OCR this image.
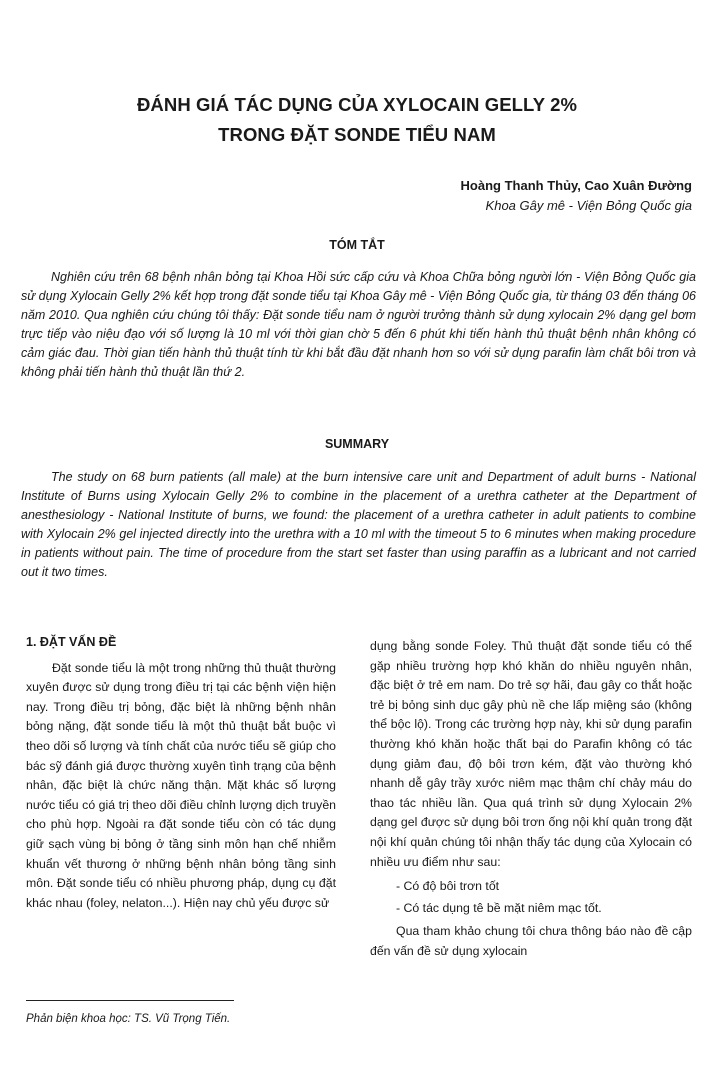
ĐÁNH GIÁ TÁC DỤNG CỦA XYLOCAIN GELLY 2%
TRONG ĐẶT SONDE TIỂU NAM
Hoàng Thanh Thủy, Cao Xuân Đường
Khoa Gây mê - Viện Bỏng Quốc gia
TÓM TẮT

Nghiên cứu trên 68 bệnh nhân bỏng tại Khoa Hồi sức cấp cứu và Khoa Chữa bỏng người lớn - Viện Bỏng Quốc gia sử dụng Xylocain Gelly 2% kết hợp trong đặt sonde tiểu tại Khoa Gây mê - Viện Bỏng Quốc gia, từ tháng 03 đến tháng 06 năm 2010. Qua nghiên cứu chúng tôi thấy: Đặt sonde tiểu nam ở người trưởng thành sử dụng xylocain 2% dạng gel bơm trực tiếp vào niệu đạo với số lượng là 10 ml với thời gian chờ 5 đến 6 phút khi tiến hành thủ thuật bệnh nhân không có cảm giác đau. Thời gian tiến hành thủ thuật tính từ khi bắt đầu đặt nhanh hơn so với sử dụng parafin làm chất bôi trơn và không phải tiến hành thủ thuật lần thứ 2.

SUMMARY

The study on 68 burn patients (all male) at the burn intensive care unit and Department of adult burns - National Institute of Burns using Xylocain Gelly 2% to combine in the placement of a urethra catheter at the Department of anesthesiology - National Institute of burns, we found: the placement of a urethra catheter in adult patients to combine with Xylocain 2% gel injected directly into the urethra with a 10 ml with the timeout 5 to 6 minutes when making procedure in patients without pain. The time of procedure from the start set faster than using paraffin as a lubricant and not carried out it two times.

1. ĐẶT VẤN ĐỀ

Đặt sonde tiểu là một trong những thủ thuật thường xuyên được sử dụng trong điều trị tại các bệnh viện hiện nay. Trong điều trị bỏng, đặc biệt là những bệnh nhân bỏng nặng, đặt sonde tiểu là một thủ thuật bắt buộc vì theo dõi số lượng và tính chất của nước tiểu sẽ giúp cho bác sỹ đánh giá được thường xuyên tình trạng của bệnh nhân, đặc biệt là chức năng thận. Mặt khác số lượng nước tiểu có giá trị theo dõi điều chỉnh lượng dịch truyền cho phù hợp. Ngoài ra đặt sonde tiểu còn có tác dụng giữ sạch vùng bị bỏng ở tầng sinh môn hạn chế nhiễm khuẩn vết thương ở những bệnh nhân bỏng tầng sinh môn. Đặt sonde tiểu có nhiều phương pháp, dụng cụ đặt khác nhau (foley, nelaton...). Hiện nay chủ yếu được sử

dụng bằng sonde Foley. Thủ thuật đặt sonde tiểu có thể gặp nhiều trường hợp khó khăn do nhiều nguyên nhân, đặc biệt ở trẻ em nam. Do trẻ sợ hãi, đau gây co thắt hoặc trẻ bị bỏng sinh dục gây phù nề che lấp miệng sáo (không thể bộc lộ). Trong các trường hợp này, khi sử dụng parafin thường khó khăn hoặc thất bại do Parafin không có tác dụng giảm đau, độ bôi trơn kém, đặt vào thường khó nhanh dễ gây trầy xước niêm mạc thậm chí chảy máu do thao tác nhiều lần. Qua quá trình sử dụng Xylocain 2% dạng gel được sử dụng bôi trơn ống nội khí quản trong đặt nội khí quản chúng tôi nhận thấy tác dụng của Xylocain có nhiều ưu điểm như sau:

- Có độ bôi trơn tốt
- Có tác dụng tê bề mặt niêm mạc tốt.

Qua tham khảo chung tôi chưa thông báo nào đề cập đến vấn đề sử dụng xylocain

Phản biện khoa học: TS. Vũ Trọng Tiến.
